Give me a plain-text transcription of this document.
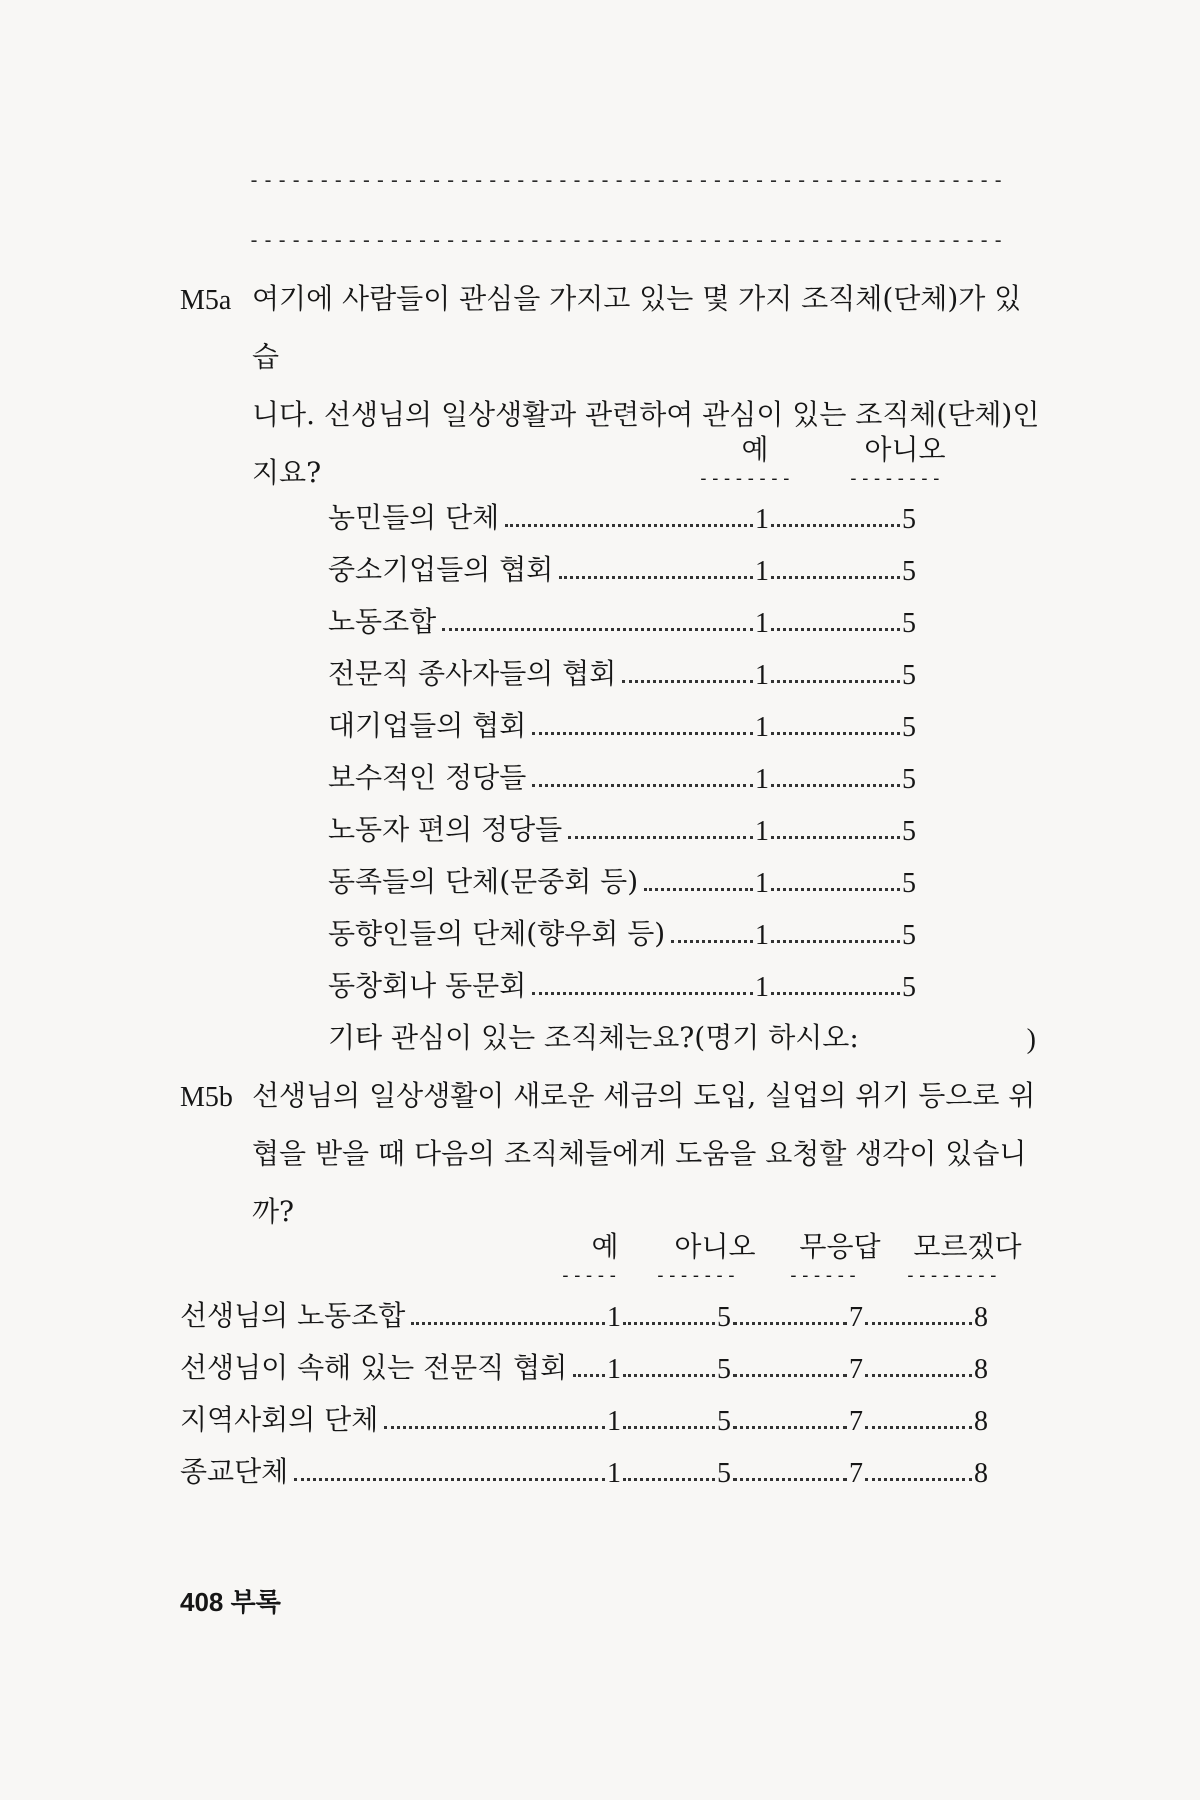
------------------------------------------------------
------------------------------------------------------
M5a 여기에 사람들이 관심을 가지고 있는 몇 가지 조직체(단체)가 있습
니다. 선생님의 일상생활과 관련하여 관심이 있는 조직체(단체)인
지요?
예	아니오
--------	--------
농민들의 단체	1	5
중소기업들의 협회	1	5
노동조합	1	5
전문직 종사자들의 협회	1	5
대기업들의 협회	1	5
보수적인 정당들	1	5
노동자 편의 정당들	1	5
동족들의 단체(문중회 등)	1	5
동향인들의 단체(향우회 등)	1	5
동창회나 동문회	1	5
기타 관심이 있는 조직체는요?(명기 하시오:	)
M5b 선생님의 일상생활이 새로운 세금의 도입, 실업의 위기 등으로 위
협을 받을 때 다음의 조직체들에게 도움을 요청할 생각이 있습니
까?
예	아니오	무응답	모르겠다
----- -------	------	--------
선생님의 노동조합	1	5	7	8
선생님이 속해 있는 전문직 협회 1	5	7	8
지역사회의 단체	1	5	7	8
종교단체	1	5	7	8
408 부록
